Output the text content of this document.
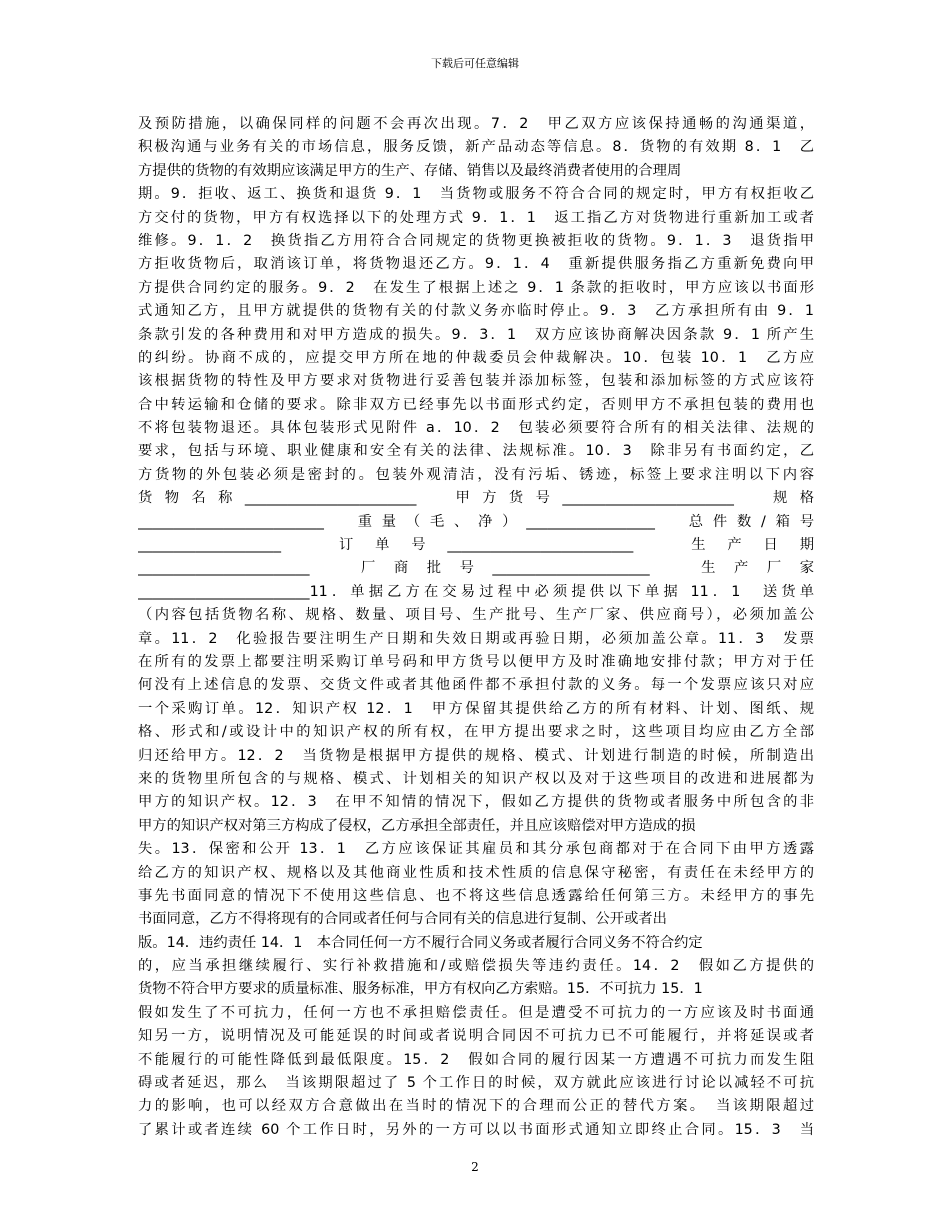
下载后可任意编辑
及预防措施，以确保同样的问题不会再次出现。7．2　甲乙双方应该保持通畅的沟通渠道，
积极沟通与业务有关的市场信息，服务反馈，新产品动态等信息。8．货物的有效期 8．1　乙
方提供的货物的有效期应该满足甲方的生产、存储、销售以及最终消费者使用的合理周
期。9．拒收、返工、换货和退货 9．1　当货物或服务不符合合同的规定时，甲方有权拒收乙
方交付的货物，甲方有权选择以下的处理方式 9．1．1　返工指乙方对货物进行重新加工或者
维修。9．1．2　换货指乙方用符合合同规定的货物更换被拒收的货物。9．1．3　退货指甲
方拒收货物后，取消该订单，将货物退还乙方。9．1．4　重新提供服务指乙方重新免费向甲
方提供合同约定的服务。9．2　在发生了根据上述之 9．1 条款的拒收时，甲方应该以书面形
式通知乙方，且甲方就提供的货物有关的付款义务亦临时停止。9．3　乙方承担所有由 9．1
条款引发的各种费用和对甲方造成的损失。9．3．1　双方应该协商解决因条款 9．1 所产生
的纠纷。协商不成的，应提交甲方所在地的仲裁委员会仲裁解决。10．包装 10．1　乙方应
该根据货物的特性及甲方要求对货物进行妥善包装并添加标签，包装和添加标签的方式应该符
合中转运输和仓储的要求。除非双方已经事先以书面形式约定，否则甲方不承担包装的费用也
不将包装物退还。具体包装形式见附件 a．10．2　包装必须要符合所有的相关法律、法规的
要求，包括与环境、职业健康和安全有关的法律、法规标准。10．3　除非另有书面约定，乙
方货物的外包装必须是密封的。包装外观清洁，没有污垢、锈迹，标签上要求注明以下内容
货物名称________________________　甲方货号________________________　规格
__________________________　重量（毛、净）__________________　总件数/箱号
____________________　订单号__________________________　生产日期
________________________　厂商批号______________________　生产厂家
________________________11．单据乙方在交易过程中必须提供以下单据 11．1　送货单
（内容包括货物名称、规格、数量、项目号、生产批号、生产厂家、供应商号），必须加盖公
章。11．2　化验报告要注明生产日期和失效日期或再验日期，必须加盖公章。11．3　发票
在所有的发票上都要注明采购订单号码和甲方货号以便甲方及时准确地安排付款；甲方对于任
何没有上述信息的发票、交货文件或者其他函件都不承担付款的义务。每一个发票应该只对应
一个采购订单。12．知识产权 12．1　甲方保留其提供给乙方的所有材料、计划、图纸、规
格、形式和/或设计中的知识产权的所有权，在甲方提出要求之时，这些项目均应由乙方全部
归还给甲方。12．2　当货物是根据甲方提供的规格、模式、计划进行制造的时候，所制造出
来的货物里所包含的与规格、模式、计划相关的知识产权以及对于这些项目的改进和进展都为
甲方的知识产权。12．3　在甲不知情的情况下，假如乙方提供的货物或者服务中所包含的非
甲方的知识产权对第三方构成了侵权，乙方承担全部责任，并且应该赔偿对甲方造成的损
失。13．保密和公开 13．1　乙方应该保证其雇员和其分承包商都对于在合同下由甲方透露
给乙方的知识产权、规格以及其他商业性质和技术性质的信息保守秘密，有责任在未经甲方的
事先书面同意的情况下不使用这些信息、也不将这些信息透露给任何第三方。未经甲方的事先
书面同意，乙方不得将现有的合同或者任何与合同有关的信息进行复制、公开或者出
版。14．违约责任 14．1　本合同任何一方不履行合同义务或者履行合同义务不符合约定
的，应当承担继续履行、实行补救措施和/或赔偿损失等违约责任。14．2　假如乙方提供的
货物不符合甲方要求的质量标准、服务标准，甲方有权向乙方索赔。15．不可抗力 15．1
假如发生了不可抗力，任何一方也不承担赔偿责任。但是遭受不可抗力的一方应该及时书面通
知另一方，说明情况及可能延误的时间或者说明合同因不可抗力已不可能履行，并将延误或者
不能履行的可能性降低到最低限度。15．2　假如合同的履行因某一方遭遇不可抗力而发生阻
碍或者延迟，那么　当该期限超过了 5 个工作日的时候，双方就此应该进行讨论以减轻不可抗
力的影响，也可以经双方合意做出在当时的情况下的合理而公正的替代方案。　当该期限超过
了累计或者连续 60 个工作日时，另外的一方可以以书面形式通知立即终止合同。15．3　当
2
